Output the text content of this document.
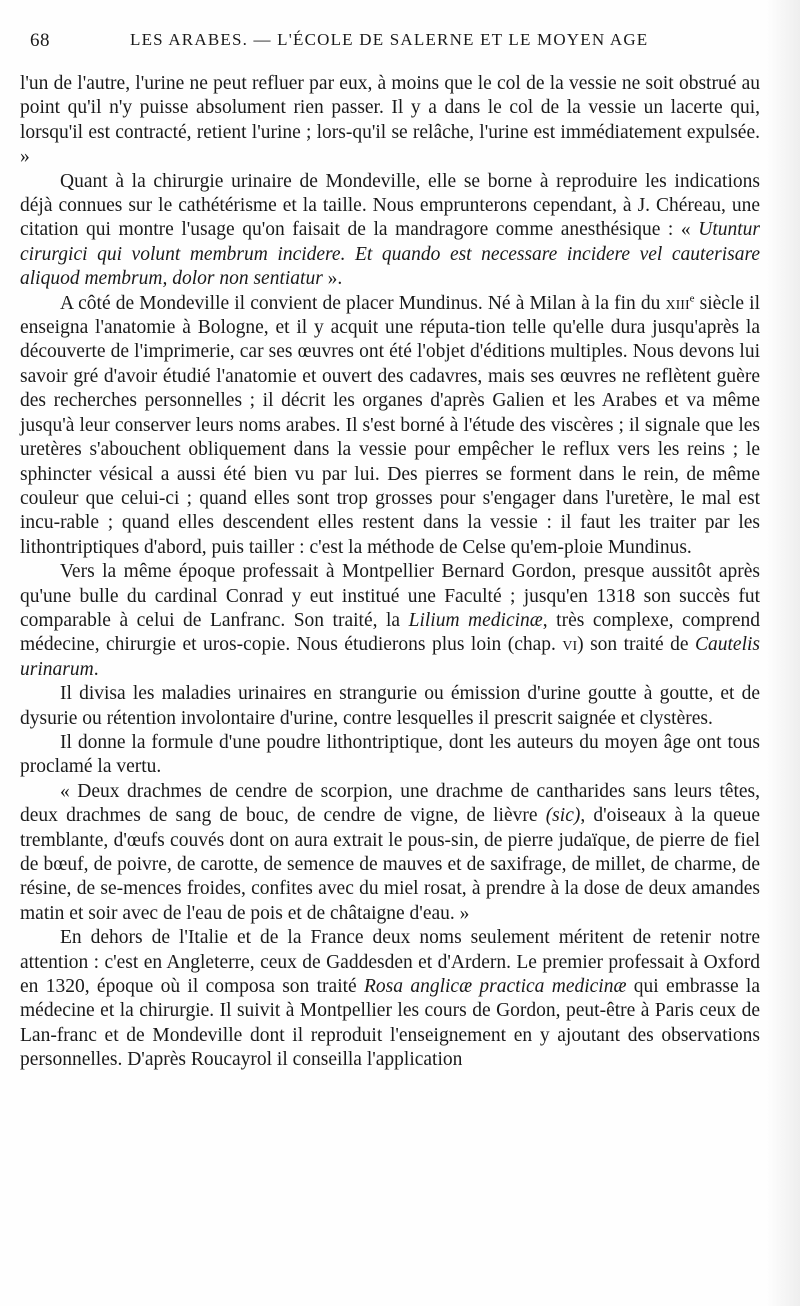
68	LES ARABES. — L'ÉCOLE DE SALERNE ET LE MOYEN AGE

l'un de l'autre, l'urine ne peut refluer par eux, à moins que le col de la vessie ne soit obstrué au point qu'il n'y puisse absolument rien passer. Il y a dans le col de la vessie un lacerte qui, lorsqu'il est contracté, retient l'urine ; lors-qu'il se relâche, l'urine est immédiatement expulsée. »

Quant à la chirurgie urinaire de Mondeville, elle se borne à reproduire les indications déjà connues sur le cathétérisme et la taille. Nous emprunterons cependant, à J. Chéreau, une citation qui montre l'usage qu'on faisait de la mandragore comme anesthésique : « Utuntur cirurgici qui volunt membrum incidere. Et quando est necessare incidere vel cauterisare aliquod membrum, dolor non sentiatur ».

A côté de Mondeville il convient de placer Mundinus. Né à Milan à la fin du xiii$^e$ siècle il enseigna l'anatomie à Bologne, et il y acquit une réputa-tion telle qu'elle dura jusqu'après la découverte de l'imprimerie, car ses œuvres ont été l'objet d'éditions multiples. Nous devons lui savoir gré d'avoir étudié l'anatomie et ouvert des cadavres, mais ses œuvres ne reflètent guère des recherches personnelles ; il décrit les organes d'après Galien et les Arabes et va même jusqu'à leur conserver leurs noms arabes. Il s'est borné à l'étude des viscères ; il signale que les uretères s'abouchent obliquement dans la vessie pour empêcher le reflux vers les reins ; le sphincter vésical a aussi été bien vu par lui. Des pierres se forment dans le rein, de même couleur que celui-ci ; quand elles sont trop grosses pour s'engager dans l'uretère, le mal est incu-rable ; quand elles descendent elles restent dans la vessie : il faut les traiter par les lithontriptiques d'abord, puis tailler : c'est la méthode de Celse qu'em-ploie Mundinus.

Vers la même époque professait à Montpellier Bernard Gordon, presque aussitôt après qu'une bulle du cardinal Conrad y eut institué une Faculté ; jusqu'en 1318 son succès fut comparable à celui de Lanfranc. Son traité, la Lilium medicinæ, très complexe, comprend médecine, chirurgie et uros-copie. Nous étudierons plus loin (chap. vi) son traité de Cautelis urinarum.

Il divisa les maladies urinaires en strangurie ou émission d'urine goutte à goutte, et de dysurie ou rétention involontaire d'urine, contre lesquelles il prescrit saignée et clystères.

Il donne la formule d'une poudre lithontriptique, dont les auteurs du moyen âge ont tous proclamé la vertu.

« Deux drachmes de cendre de scorpion, une drachme de cantharides sans leurs têtes, deux drachmes de sang de bouc, de cendre de vigne, de lièvre (sic), d'oiseaux à la queue tremblante, d'œufs couvés dont on aura extrait le pous-sin, de pierre judaïque, de pierre de fiel de bœuf, de poivre, de carotte, de semence de mauves et de saxifrage, de millet, de charme, de résine, de se-mences froides, confites avec du miel rosat, à prendre à la dose de deux amandes matin et soir avec de l'eau de pois et de châtaigne d'eau. »

En dehors de l'Italie et de la France deux noms seulement méritent de retenir notre attention : c'est en Angleterre, ceux de Gaddesden et d'Ardern. Le premier professait à Oxford en 1320, époque où il composa son traité Rosa anglicæ practica medicinæ qui embrasse la médecine et la chirurgie. Il suivit à Montpellier les cours de Gordon, peut-être à Paris ceux de Lan-franc et de Mondeville dont il reproduit l'enseignement en y ajoutant des observations personnelles. D'après Roucayrol il conseilla l'application
